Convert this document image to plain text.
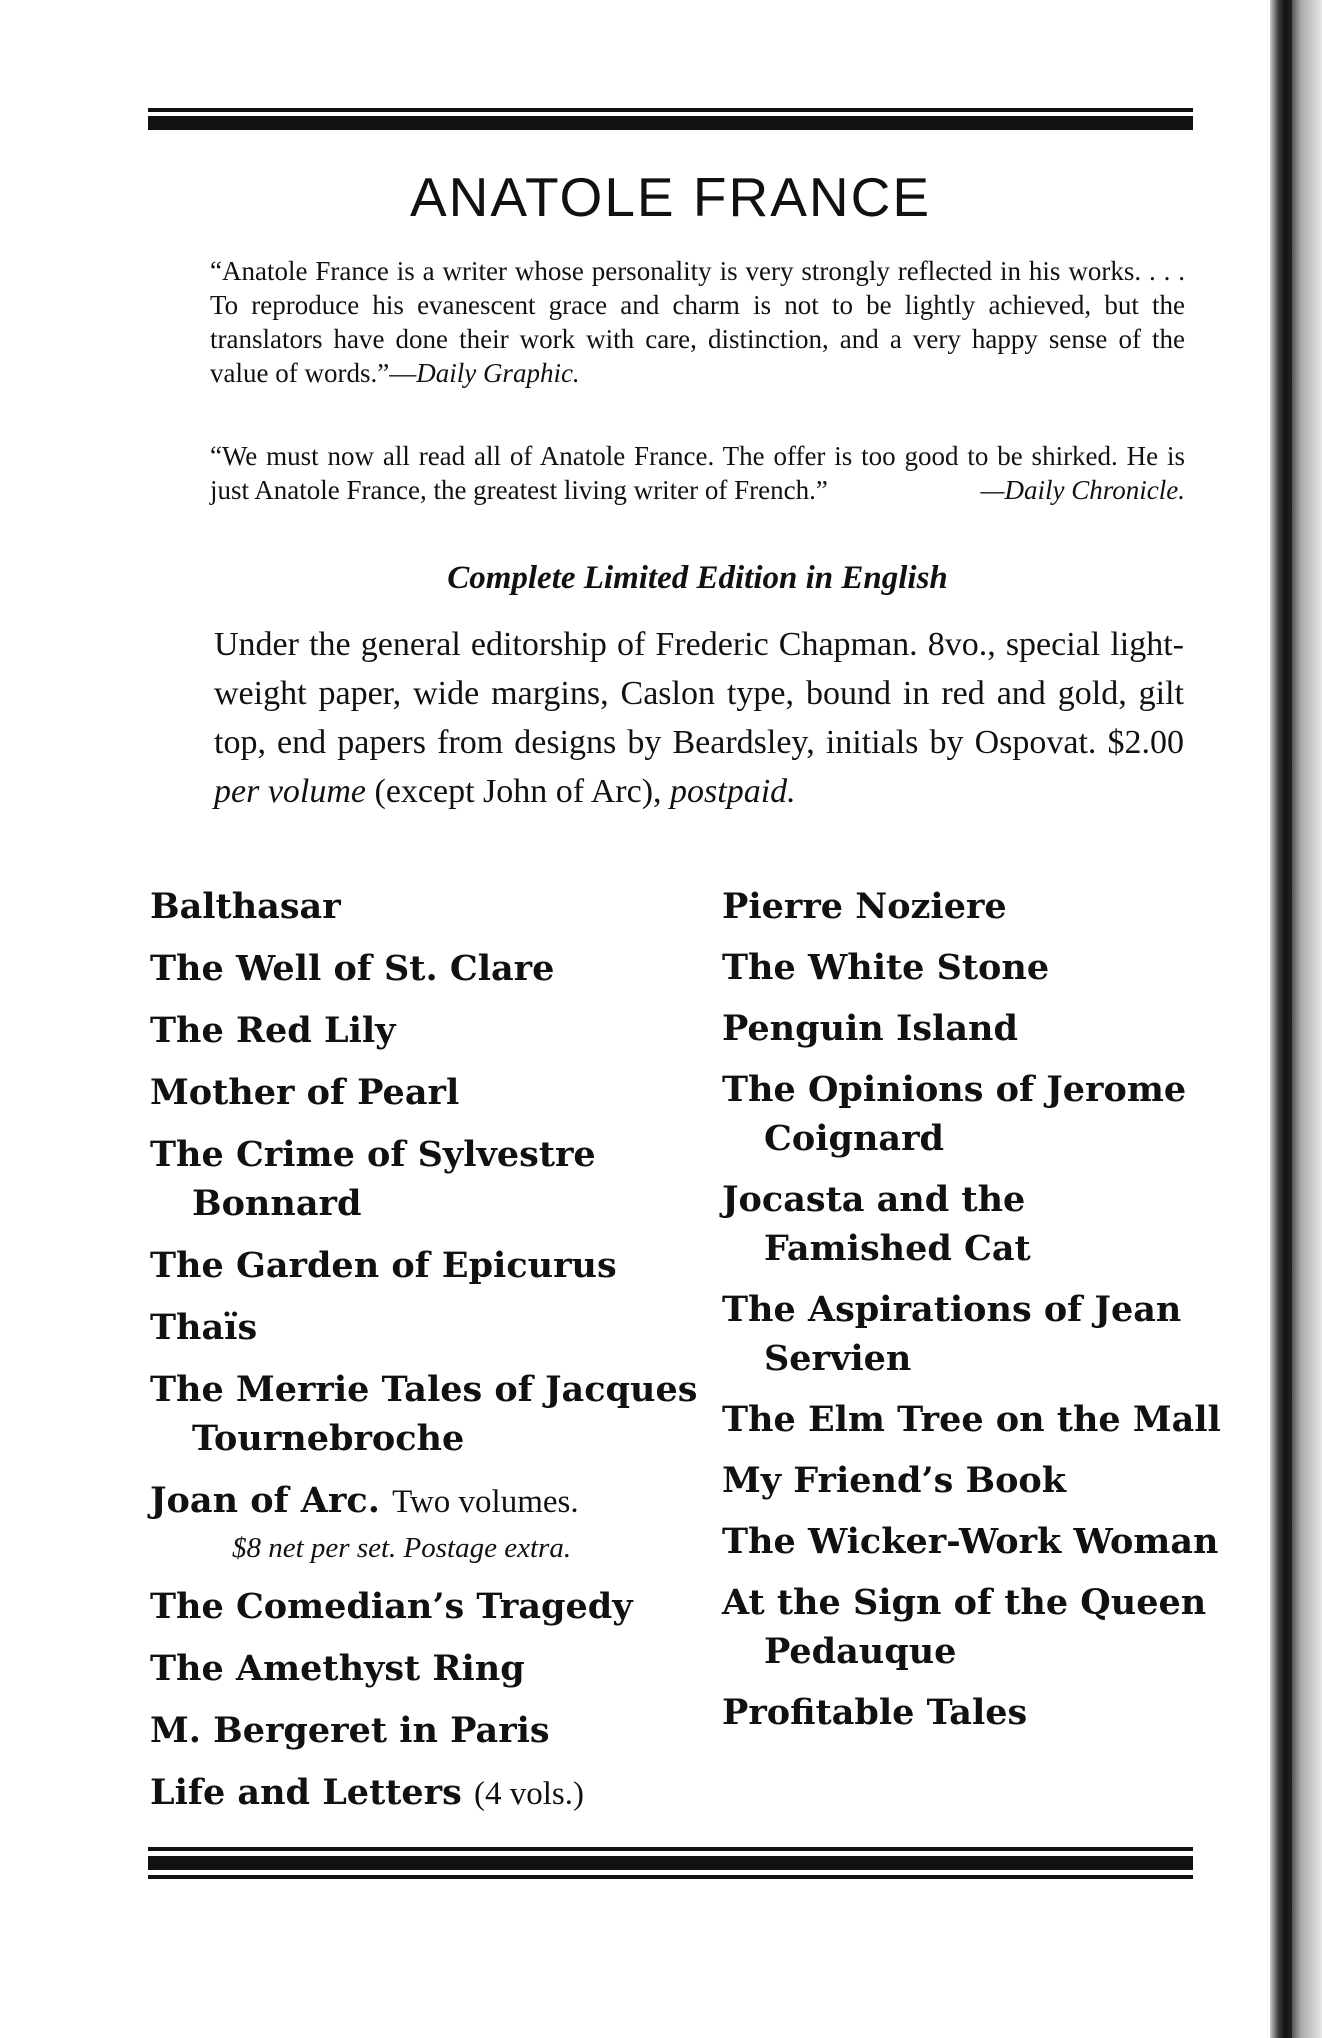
ANATOLE FRANCE

“Anatole France is a writer whose personality is very strongly reflected in his works. . . . To reproduce his evanescent grace and charm is not to be lightly achieved, but the translators have done their work with care, distinction, and a very happy sense of the value of words.”—Daily Graphic.

“We must now all read all of Anatole France. The offer is too good to be shirked. He is just Anatole France, the greatest living writer of French.”	—Daily Chronicle.

Complete Limited Edition in English

Under the general editorship of Frederic Chapman. 8vo., special light-weight paper, wide margins, Caslon type, bound in red and gold, gilt top, end papers from designs by Beardsley, initials by Ospovat. $2.00 per volume (except John of Arc), postpaid.

Balthasar
The Well of St. Clare
The Red Lily
Mother of Pearl
The Crime of Sylvestre Bonnard
The Garden of Epicurus
Thaïs
The Merrie Tales of Jacques Tournebroche
Joan of Arc. Two volumes.
$8 net per set. Postage extra.
The Comedian’s Tragedy
The Amethyst Ring
M. Bergeret in Paris
Life and Letters (4 vols.)
Pierre Noziere
The White Stone
Penguin Island
The Opinions of Jerome Coignard
Jocasta and the Famished Cat
The Aspirations of Jean Servien
The Elm Tree on the Mall
My Friend’s Book
The Wicker-Work Woman
At the Sign of the Queen Pedauque
Profitable Tales
